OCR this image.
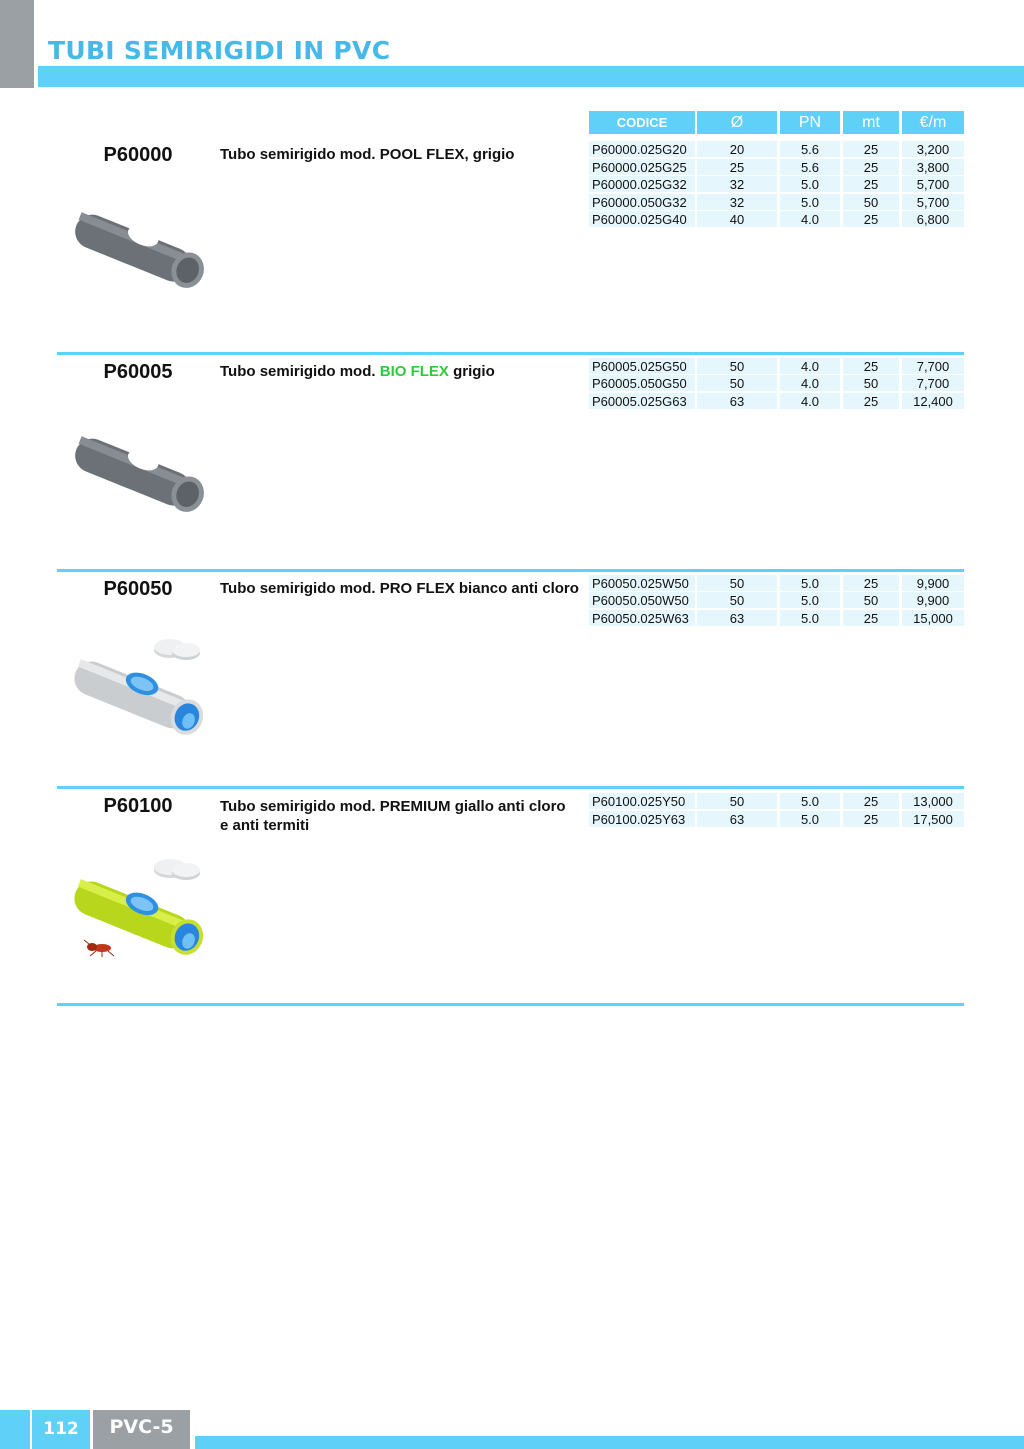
TUBI SEMIRIGIDI IN PVC
CODICE	Ø	PN	mt	€/m
P60000	Tubo semirigido mod. POOL FLEX, grigio	P60000.025G20	20	5.6	25	3,200
P60000.025G25	25	5.6	25	3,800
P60000.025G32	32	5.0	25	5,700
P60000.050G32	32	5.0	50	5,700
P60000.025G40	40	4.0	25	6,800
P60005	Tubo semirigido mod. BIO FLEX grigio	P60005.025G50	50	4.0	25	7,700
P60005.050G50	50	4.0	50	7,700
P60005.025G63	63	4.0	25	12,400
P60050	Tubo semirigido mod. PRO FLEX bianco anti cloro	P60050.025W50	50	5.0	25	9,900
P60050.050W50	50	5.0	50	9,900
P60050.025W63	63	5.0	25	15,000
P60100	Tubo semirigido mod. PREMIUM giallo anti cloro
e anti termiti
P60100.025Y50	50	5.0	25	13,000
P60100.025Y63	63	5.0	25	17,500
112	PVC-5
